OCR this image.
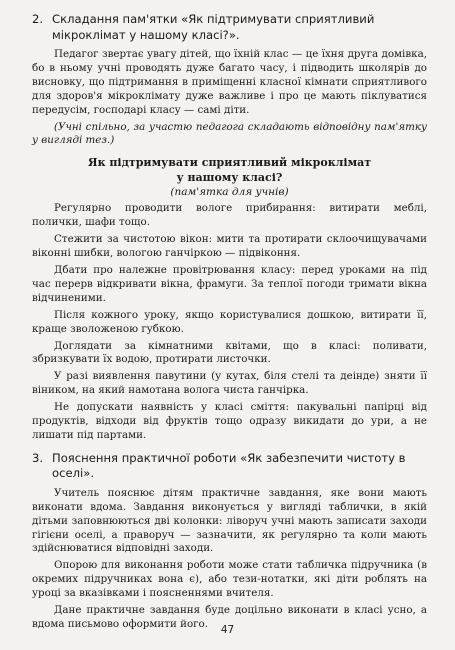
2. Складання пам'ятки «Як підтримувати сприятливий мікроклімат у нашому класі?».

Педагог звертає увагу дітей, що їхній клас — це їхня друга домівка, бо в ньому учні проводять дуже багато часу, і підводить школярів до висновку, що підтримання в приміщенні класної кімнати сприятливого для здоров'я мікроклімату дуже важливе і про це мають піклуватися передусім, господарі класу — самі діти.

(Учні спільно, за участю педагога складають відповідну пам'ятку у вигляді тез.)

Як підтримувати сприятливий мікроклімат
у нашому класі?
(пам'ятка для учнів)

Регулярно проводити вологе прибирання: витирати меблі, полички, шафи тощо.

Стежити за чистотою вікон: мити та протирати склоочищувачами віконні шибки, вологою ганчіркою — підвіконня.

Дбати про належне провітрювання класу: перед уроками на під час перерв відкривати вікна, фрамуги. За теплої погоди тримати вікна відчиненими.

Після кожного уроку, якщо користувалися дошкою, витирати її, краще зволоженою губкою.

Доглядати за кімнатними квітами, що в класі: поливати, збризкувати їх водою, протирати листочки.

У разі виявлення павутини (у кутах, біля стелі та деінде) зняти її віником, на який намотана волога чиста ганчірка.

Не допускати наявність у класі сміття: пакувальні папірці від продуктів, відходи від фруктів тощо одразу викидати до ури, а не лишати під партами.

3. Пояснення практичної роботи «Як забезпечити чистоту в оселі».

Учитель пояснює дітям практичне завдання, яке вони мають виконати вдома. Завдання виконується у вигляді таблички, в якій дітьми заповнюються дві колонки: ліворуч учні мають записати заходи гігієни оселі, а праворуч — зазначити, як регулярно та коли мають здійснюватися відповідні заходи.

Опорою для виконання роботи може стати табличка підручника (в окремих підручниках вона є), або тези-нотатки, які діти роблять на уроці за вказівками і поясненнями вчителя.

Дане практичне завдання буде доцільно виконати в класі усно, а вдома письмово оформити його.	47
